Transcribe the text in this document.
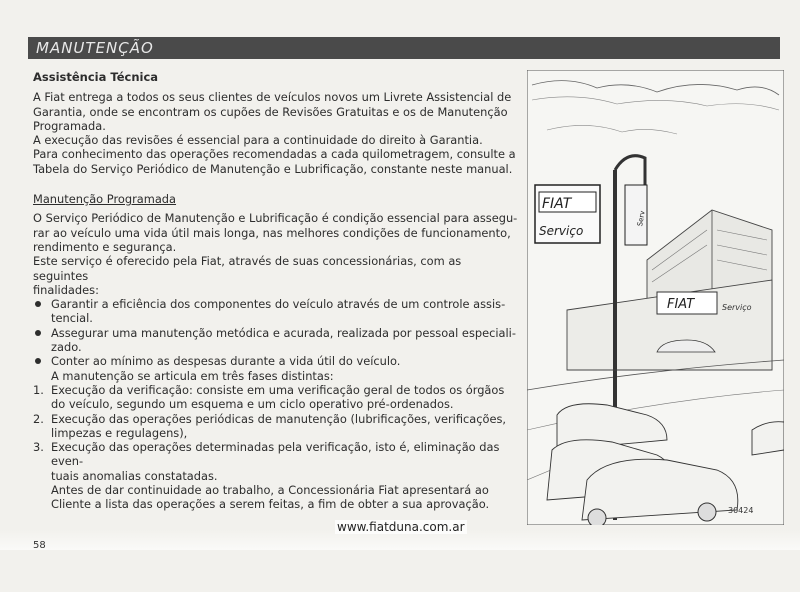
MANUTENÇÃO

Assistência Técnica

A Fiat entrega a todos os seus clientes de veículos novos um Livrete Assistencial de

Garantia, onde se encontram os cupões de Revisões Gratuitas e os de Manutenção

Programada.

A execução das revisões é essencial para a continuidade do direito à Garantia.

Para conhecimento das operações recomendadas a cada quilometragem, consulte a

Tabela do Serviço Periódico de Manutenção e Lubrificação, constante neste manual.

Manutenção Programada

O Serviço Periódico de Manutenção e Lubrificação é condição essencial para assegu-

rar ao veículo uma vida útil mais longa, nas melhores condições de funcionamento,

rendimento e segurança.

Este serviço é oferecido pela Fiat, através de suas concessionárias, com as seguintes

finalidades:

Garantir a eficiência dos componentes do veículo através de um controle assis-

tencial.

Assegurar uma manutenção metódica e acurada, realizada por pessoal especiali-

zado.

Conter ao mínimo as despesas durante a vida útil do veículo.

A manutenção se articula em três fases distintas:

1. Execução da verificação: consiste em uma verificação geral de todos os órgãos

do veículo, segundo um esquema e um ciclo operativo pré-ordenados.

2. Execução das operações periódicas de manutenção (lubrificações, verificações,

limpezas e regulagens),

3. Execução das operações determinadas pela verificação, isto é, eliminação das even-

tuais anomalias constatadas.

Antes de dar continuidade ao trabalho, a Concessionária Fiat apresentará ao

Cliente a lista das operações a serem feitas, a fim de obter a sua aprovação.

FIAT	Serviço
FIAT
Serviço
Serv
30424
www.fiatduna.com.ar
58
